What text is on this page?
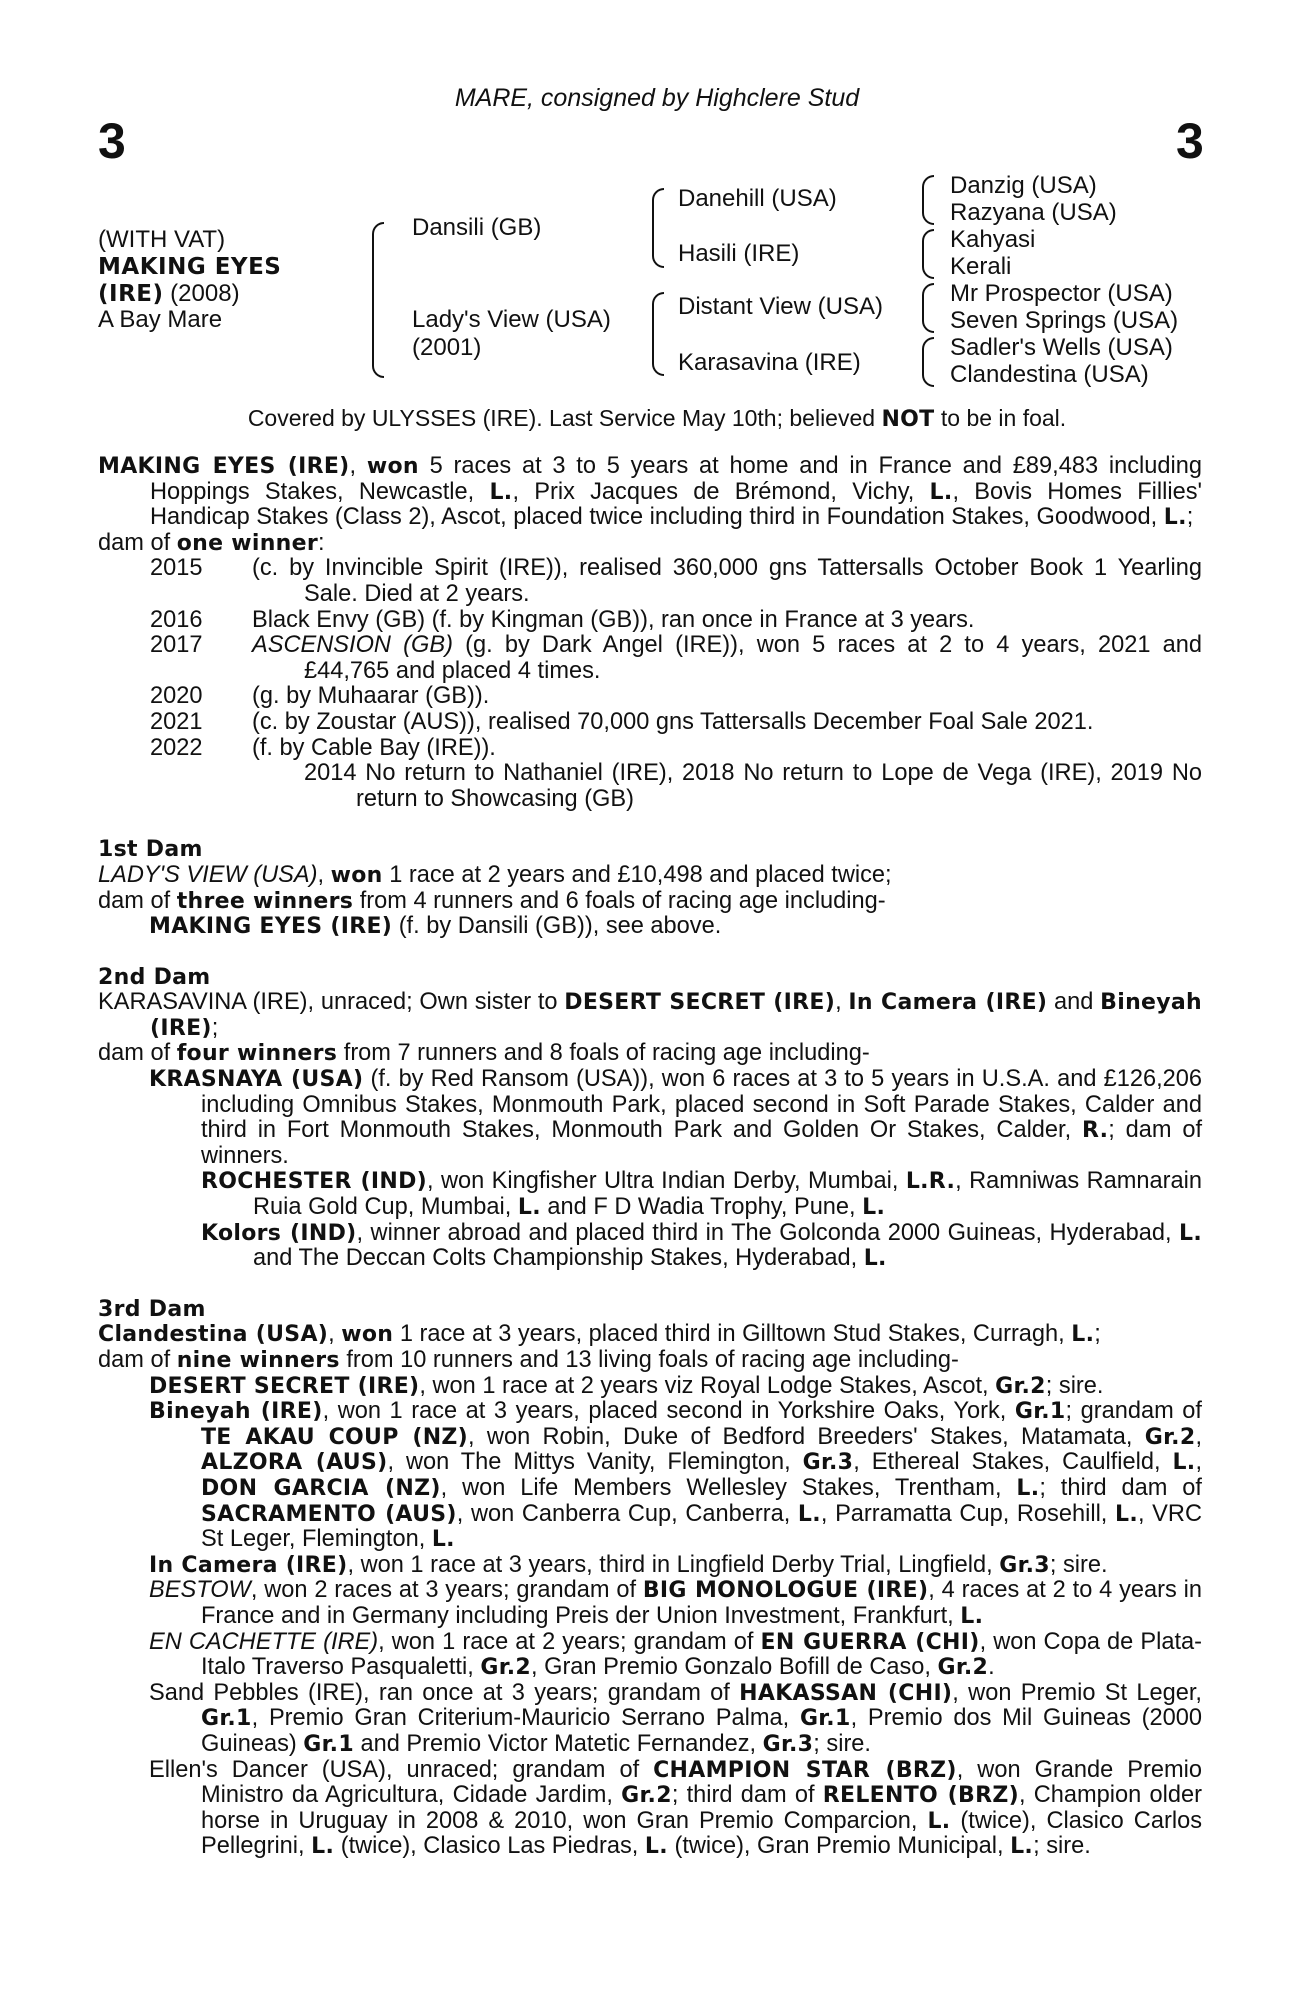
3	3
MARE, consigned by Highclere Stud
(WITH VAT)
MAKING EYES
(IRE) (2008)
A Bay Mare
Dansili (GB)
Lady's View (USA)
(2001)
Danehill (USA)
Hasili (IRE)
Distant View (USA)
Karasavina (IRE)
Danzig (USA)
Razyana (USA)
Kahyasi
Kerali
Mr Prospector (USA)
Seven Springs (USA)
Sadler's Wells (USA)
Clandestina (USA)
Covered by ULYSSES (IRE). Last Service May 10th; believed NOT to be in foal.

MAKING EYES (IRE), won 5 races at 3 to 5 years at home and in France and £89,483 including Hoppings Stakes, Newcastle, L., Prix Jacques de Brémond, Vichy, L., Bovis Homes Fillies' Handicap Stakes (Class 2), Ascot, placed twice including third in Foundation Stakes, Goodwood, L.;

dam of one winner:

2015	(c. by Invincible Spirit (IRE)), realised 360,000 gns Tattersalls October Book 1 Yearling Sale. Died at 2 years.
2016	Black Envy (GB) (f. by Kingman (GB)), ran once in France at 3 years.
2017	ASCENSION (GB) (g. by Dark Angel (IRE)), won 5 races at 2 to 4 years, 2021 and £44,765 and placed 4 times.
2020	(g. by Muhaarar (GB)).
2021	(c. by Zoustar (AUS)), realised 70,000 gns Tattersalls December Foal Sale 2021.
2022	(f. by Cable Bay (IRE)).

2014 No return to Nathaniel (IRE), 2018 No return to Lope de Vega (IRE), 2019 No return to Showcasing (GB)

1st Dam

LADY'S VIEW (USA), won 1 race at 2 years and £10,498 and placed twice;

dam of three winners from 4 runners and 6 foals of racing age including-

MAKING EYES (IRE) (f. by Dansili (GB)), see above.

2nd Dam

KARASAVINA (IRE), unraced; Own sister to DESERT SECRET (IRE), In Camera (IRE) and Bineyah (IRE);

dam of four winners from 7 runners and 8 foals of racing age including-

KRASNAYA (USA) (f. by Red Ransom (USA)), won 6 races at 3 to 5 years in U.S.A. and £126,206 including Omnibus Stakes, Monmouth Park, placed second in Soft Parade Stakes, Calder and third in Fort Monmouth Stakes, Monmouth Park and Golden Or Stakes, Calder, R.; dam of winners.

ROCHESTER (IND), won Kingfisher Ultra Indian Derby, Mumbai, L.R., Ramniwas Ramnarain Ruia Gold Cup, Mumbai, L. and F D Wadia Trophy, Pune, L.

Kolors (IND), winner abroad and placed third in The Golconda 2000 Guineas, Hyderabad, L. and The Deccan Colts Championship Stakes, Hyderabad, L.

3rd Dam

Clandestina (USA), won 1 race at 3 years, placed third in Gilltown Stud Stakes, Curragh, L.;

dam of nine winners from 10 runners and 13 living foals of racing age including-

DESERT SECRET (IRE), won 1 race at 2 years viz Royal Lodge Stakes, Ascot, Gr.2; sire.

Bineyah (IRE), won 1 race at 3 years, placed second in Yorkshire Oaks, York, Gr.1; grandam of TE AKAU COUP (NZ), won Robin, Duke of Bedford Breeders' Stakes, Matamata, Gr.2, ALZORA (AUS), won The Mittys Vanity, Flemington, Gr.3, Ethereal Stakes, Caulfield, L., DON GARCIA (NZ), won Life Members Wellesley Stakes, Trentham, L.; third dam of SACRAMENTO (AUS), won Canberra Cup, Canberra, L., Parramatta Cup, Rosehill, L., VRC St Leger, Flemington, L.

In Camera (IRE), won 1 race at 3 years, third in Lingfield Derby Trial, Lingfield, Gr.3; sire.

BESTOW, won 2 races at 3 years; grandam of BIG MONOLOGUE (IRE), 4 races at 2 to 4 years in France and in Germany including Preis der Union Investment, Frankfurt, L.

EN CACHETTE (IRE), won 1 race at 2 years; grandam of EN GUERRA (CHI), won Copa de Plata-Italo Traverso Pasqualetti, Gr.2, Gran Premio Gonzalo Bofill de Caso, Gr.2.

Sand Pebbles (IRE), ran once at 3 years; grandam of HAKASSAN (CHI), won Premio St Leger, Gr.1, Premio Gran Criterium-Mauricio Serrano Palma, Gr.1, Premio dos Mil Guineas (2000 Guineas) Gr.1 and Premio Victor Matetic Fernandez, Gr.3; sire.

Ellen's Dancer (USA), unraced; grandam of CHAMPION STAR (BRZ), won Grande Premio Ministro da Agricultura, Cidade Jardim, Gr.2; third dam of RELENTO (BRZ), Champion older horse in Uruguay in 2008 & 2010, won Gran Premio Comparcion, L. (twice), Clasico Carlos Pellegrini, L. (twice), Clasico Las Piedras, L. (twice), Gran Premio Municipal, L.; sire.
